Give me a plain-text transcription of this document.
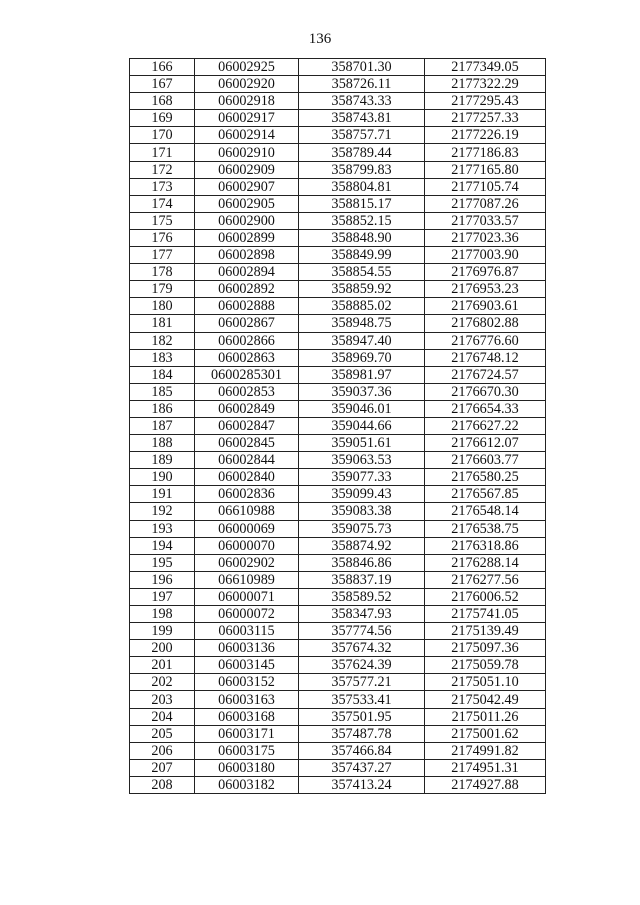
136
166	06002925	358701.30	2177349.05
167	06002920	358726.11	2177322.29
168	06002918	358743.33	2177295.43
169	06002917	358743.81	2177257.33
170	06002914	358757.71	2177226.19
171	06002910	358789.44	2177186.83
172	06002909	358799.83	2177165.80
173	06002907	358804.81	2177105.74
174	06002905	358815.17	2177087.26
175	06002900	358852.15	2177033.57
176	06002899	358848.90	2177023.36
177	06002898	358849.99	2177003.90
178	06002894	358854.55	2176976.87
179	06002892	358859.92	2176953.23
180	06002888	358885.02	2176903.61
181	06002867	358948.75	2176802.88
182	06002866	358947.40	2176776.60
183	06002863	358969.70	2176748.12
184	0600285301	358981.97	2176724.57
185	06002853	359037.36	2176670.30
186	06002849	359046.01	2176654.33
187	06002847	359044.66	2176627.22
188	06002845	359051.61	2176612.07
189	06002844	359063.53	2176603.77
190	06002840	359077.33	2176580.25
191	06002836	359099.43	2176567.85
192	06610988	359083.38	2176548.14
193	06000069	359075.73	2176538.75
194	06000070	358874.92	2176318.86
195	06002902	358846.86	2176288.14
196	06610989	358837.19	2176277.56
197	06000071	358589.52	2176006.52
198	06000072	358347.93	2175741.05
199	06003115	357774.56	2175139.49
200	06003136	357674.32	2175097.36
201	06003145	357624.39	2175059.78
202	06003152	357577.21	2175051.10
203	06003163	357533.41	2175042.49
204	06003168	357501.95	2175011.26
205	06003171	357487.78	2175001.62
206	06003175	357466.84	2174991.82
207	06003180	357437.27	2174951.31
208	06003182	357413.24	2174927.88
